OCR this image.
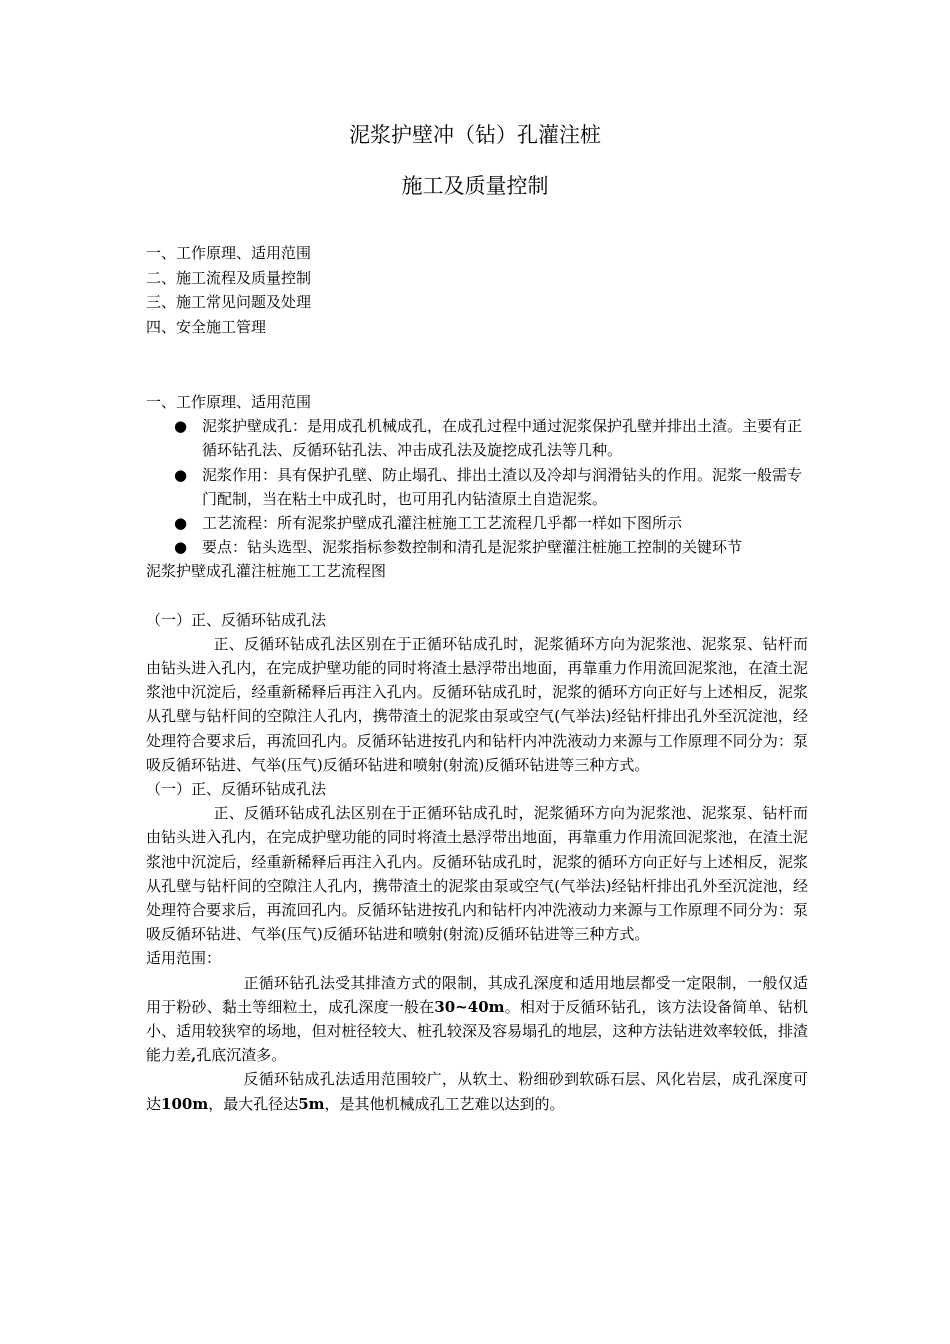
泥浆护壁冲（钻）孔灌注桩
施工及质量控制
一、工作原理、适用范围
二、施工流程及质量控制
三、施工常见问题及处理
四、安全施工管理
一、工作原理、适用范围
● 泥浆护壁成孔：是用成孔机械成孔，在成孔过程中通过泥浆保护孔壁并排出土渣。主要有正循环钻孔法、反循环钻孔法、冲击成孔法及旋挖成孔法等几种。
● 泥浆作用：具有保护孔壁、防止塌孔、排出土渣以及冷却与润滑钻头的作用。泥浆一般需专门配制，当在粘土中成孔时，也可用孔内钻渣原土自造泥浆。
● 工艺流程：所有泥浆护壁成孔灌注桩施工工艺流程几乎都一样如下图所示
● 要点：钻头选型、泥浆指标参数控制和清孔是泥浆护壁灌注桩施工控制的关键环节
泥浆护壁成孔灌注桩施工工艺流程图
（一）正、反循环钻成孔法
正、反循环钻成孔法区别在于正循环钻成孔时，泥浆循环方向为泥浆池、泥浆泵、钻杆而由钻头进入孔内，在完成护壁功能的同时将渣土悬浮带出地面，再靠重力作用流回泥浆池，在渣土泥浆池中沉淀后，经重新稀释后再注入孔内。反循环钻成孔时，泥浆的循环方向正好与上述相反，泥浆从孔壁与钻杆间的空隙注人孔内，携带渣土的泥浆由泵或空气(气举法)经钻杆排出孔外至沉淀池，经处理符合要求后，再流回孔内。反循环钻进按孔内和钻杆内冲洗液动力来源与工作原理不同分为：泵吸反循环钻进、气举(压气)反循环钻进和喷射(射流)反循环钻进等三种方式。
（一）正、反循环钻成孔法
正、反循环钻成孔法区别在于正循环钻成孔时，泥浆循环方向为泥浆池、泥浆泵、钻杆而由钻头进入孔内，在完成护壁功能的同时将渣土悬浮带出地面，再靠重力作用流回泥浆池，在渣土泥浆池中沉淀后，经重新稀释后再注入孔内。反循环钻成孔时，泥浆的循环方向正好与上述相反，泥浆从孔壁与钻杆间的空隙注人孔内，携带渣土的泥浆由泵或空气(气举法)经钻杆排出孔外至沉淀池，经处理符合要求后，再流回孔内。反循环钻进按孔内和钻杆内冲洗液动力来源与工作原理不同分为：泵吸反循环钻进、气举(压气)反循环钻进和喷射(射流)反循环钻进等三种方式。
适用范围：
正循环钻孔法受其排渣方式的限制，其成孔深度和适用地层都受一定限制，一般仅适用于粉砂、黏土等细粒土，成孔深度一般在30~40m。相对于反循环钻孔，该方法设备简单、钻机小、适用较狭窄的场地，但对桩径较大、桩孔较深及容易塌孔的地层，这种方法钻进效率较低，排渣能力差,孔底沉渣多。
反循环钻成孔法适用范围较广，从软土、粉细砂到软砾石层、风化岩层，成孔深度可达100m，最大孔径达5m，是其他机械成孔工艺难以达到的。
